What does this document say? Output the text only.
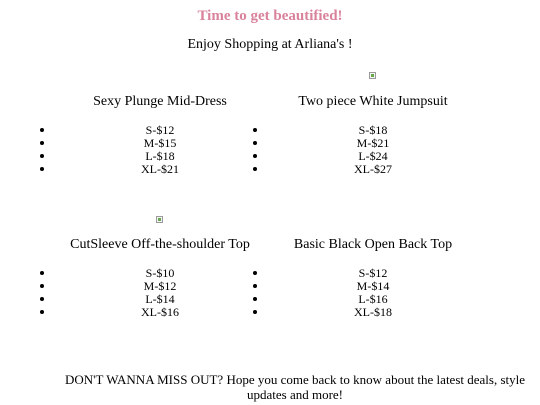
Time to get beautified!
Enjoy Shopping at Arliana's !
Sexy Plunge Mid-Dress
S-$12
M-$15
L-$18
XL-$21
Two piece White Jumpsuit
S-$18
M-$21
L-$24
XL-$27
CutSleeve Off-the-shoulder Top
S-$10
M-$12
L-$14
XL-$16
Basic Black Open Back Top
S-$12
M-$14
L-$16
XL-$18
DON'T WANNA MISS OUT? Hope you come back to know about the latest deals, style updates and more!
